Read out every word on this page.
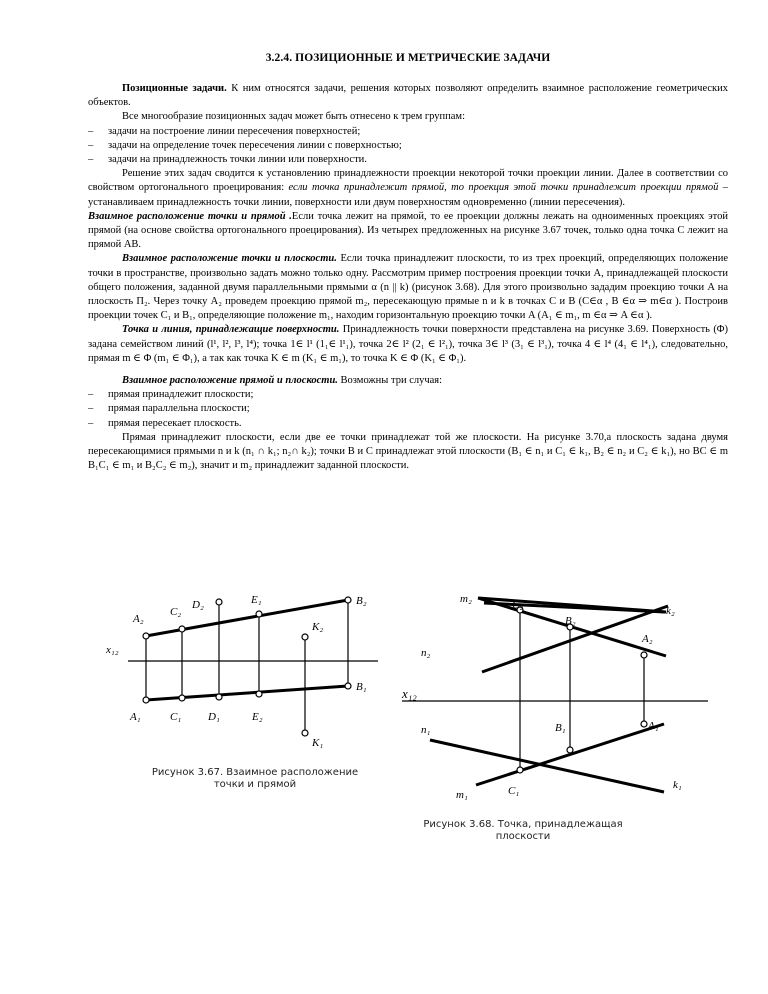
3.2.4. ПОЗИЦИОННЫЕ И МЕТРИЧЕСКИЕ ЗАДАЧИ

Позиционные задачи. К ним относятся задачи, решения которых позволяют определить взаимное расположение геометрических объектов.

Все многообразие позиционных задач может быть отнесено к трем группам:

– задачи на построение линии пересечения поверхностей;

– задачи на определение точек пересечения линии с поверхностью;

– задачи на принадлежность точки линии или поверхности.

Решение этих задач сводится к установлению принадлежности проекции некоторой точки проекции линии. Далее в соответствии со свойством ортогонального проецирования: если точка принадлежит прямой, то проекция этой точки принадлежит проекции прямой – устанавливаем принадлежность точки линии, поверхности или двум поверхностям одновременно (линии пересечения).

Взаимное расположение точки и прямой .Если точка лежит на прямой, то ее проекции должны лежать на одноименных проекциях этой прямой (на основе свойства ортогонального проецирования). Из четырех предложенных на рисунке 3.67 точек, только одна точка C лежит на прямой AB.

Взаимное расположение точки и плоскости. Если точка принадлежит плоскости, то из трех проекций, определяющих положение точки в пространстве, произвольно задать можно только одну. Рассмотрим пример построения проекции точки A, принадлежащей плоскости общего положения, заданной двумя параллельными прямыми α (n || k) (рисунок 3.68). Для этого произвольно зададим проекцию точки A на плоскость П₂. Через точку A₂ проведем проекцию прямой m₂, пересекающую прямые n и k в точках C и B (C∈α , B ∈α ⇒ m∈α ). Построив проекции точек C₁ и B₁, определяющие положение m₁, находим горизонтальную проекцию точки A (A₁ ∈ m₁, m ∈α ⇒ A ∈α ).

Точка и линия, принадлежащие поверхности. Принадлежность точки поверхности представлена на рисунке 3.69. Поверхность (Φ) задана семейством линий (l¹, l², l³, l⁴); точка 1∈ l¹ (1₁∈ l¹₁), точка 2∈ l² (2₁ ∈ l²₁), точка 3∈ l³ (3₁ ∈ l³₁), точка 4 ∈ l⁴ (4₁ ∈ l⁴₁), следовательно, прямая m ∈ Φ (m₁ ∈ Φ₁), а так как точка K ∈ m (K₁ ∈ m₁), то точка K ∈ Φ (K₁ ∈ Φ₁).

Взаимное расположение прямой и плоскости. Возможны три случая:

– прямая принадлежит плоскости;

– прямая параллельна плоскости;

– прямая пересекает плоскость.

Прямая принадлежит плоскости, если две ее точки принадлежат той же плоскости. На рисунке 3.70,а плоскость задана двумя пересекающимися прямыми n и k (n₁ ∩ k₁; n₂∩ k₂); точки B и C принадлежат этой плоскости (B₁ ∈ n₁ и C₁ ∈ k₁, B₂ ∈ n₂ и C₂ ∈ k₁), но BC ∈ m B₁C₁ ∈ m₁ и B₂C₂ ∈ m₂), значит и m₂ принадлежит заданной плоскости.

A₂
C₂
D₂	E₁	B₂
K₂
x₁₂
A₁	C₁ D₁	E₂
B₁
K₁
m₂
k₂
B₂
A₂
n₂
x₁₂
n₁	B₁	A₁
k₁
m₁	C₁
Рисунок 3.67. Взаимное расположение
точки и прямой
Рисунок 3.68. Точка, принадлежащая плоскости
